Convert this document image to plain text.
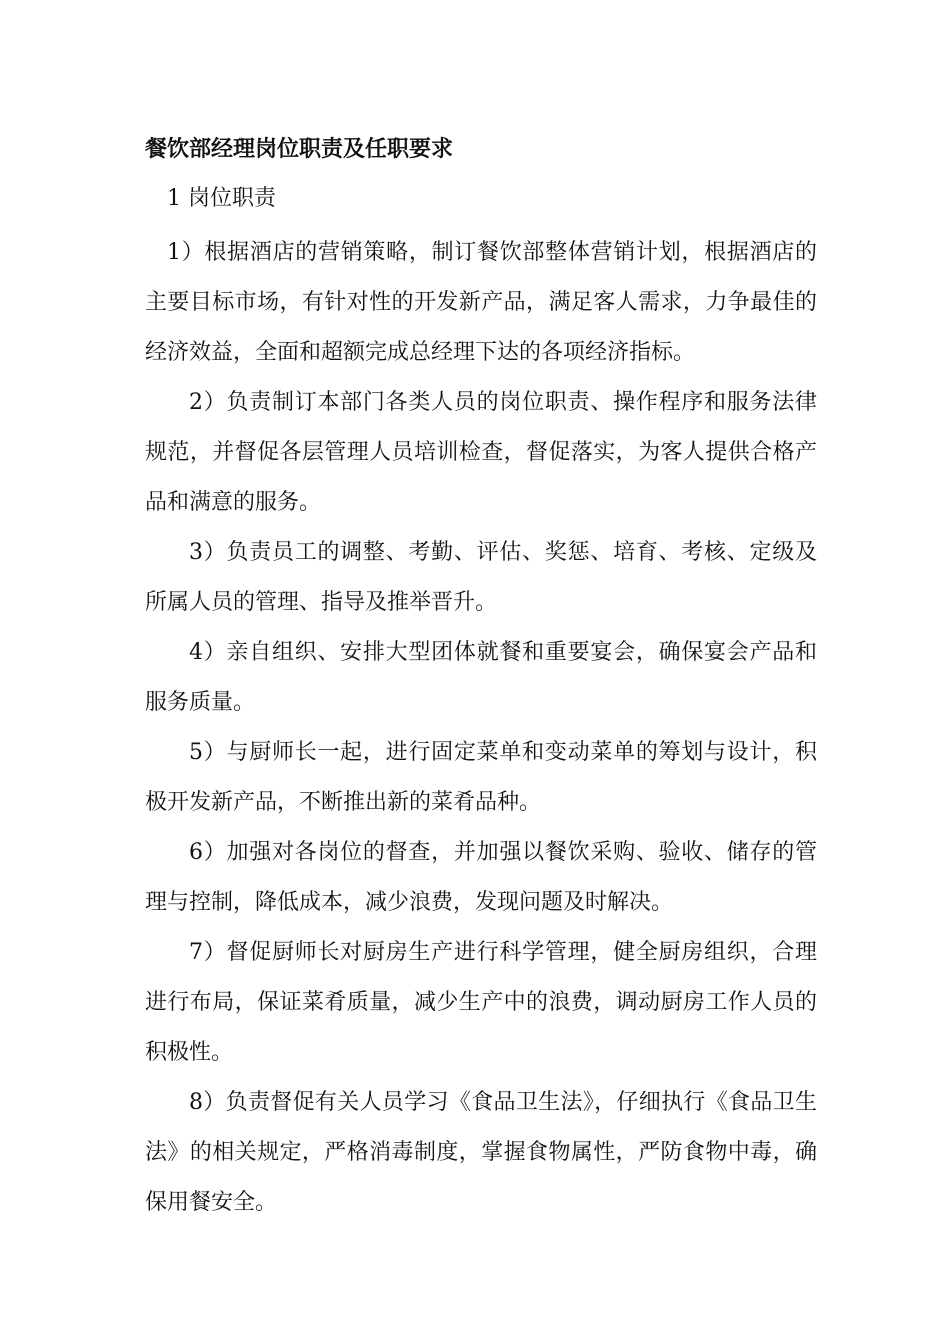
餐饮部经理岗位职责及任职要求
1 岗位职责

1）根据酒店的营销策略，制订餐饮部整体营销计划，根据酒店的主要目标市场，有针对性的开发新产品，满足客人需求，力争最佳的经济效益，全面和超额完成总经理下达的各项经济指标。

2）负责制订本部门各类人员的岗位职责、操作程序和服务法律规范，并督促各层管理人员培训检查，督促落实，为客人提供合格产品和满意的服务。

3）负责员工的调整、考勤、评估、奖惩、培育、考核、定级及所属人员的管理、指导及推举晋升。

4）亲自组织、安排大型团体就餐和重要宴会，确保宴会产品和服务质量。

5）与厨师长一起，进行固定菜单和变动菜单的筹划与设计，积极开发新产品，不断推出新的菜肴品种。

6）加强对各岗位的督查，并加强以餐饮采购、验收、储存的管理与控制，降低成本，减少浪费，发现问题及时解决。

7）督促厨师长对厨房生产进行科学管理，健全厨房组织，合理进行布局，保证菜肴质量，减少生产中的浪费，调动厨房工作人员的积极性。

8）负责督促有关人员学习《食品卫生法》，仔细执行《食品卫生法》的相关规定，严格消毒制度，掌握食物属性，严防食物中毒，确保用餐安全。
